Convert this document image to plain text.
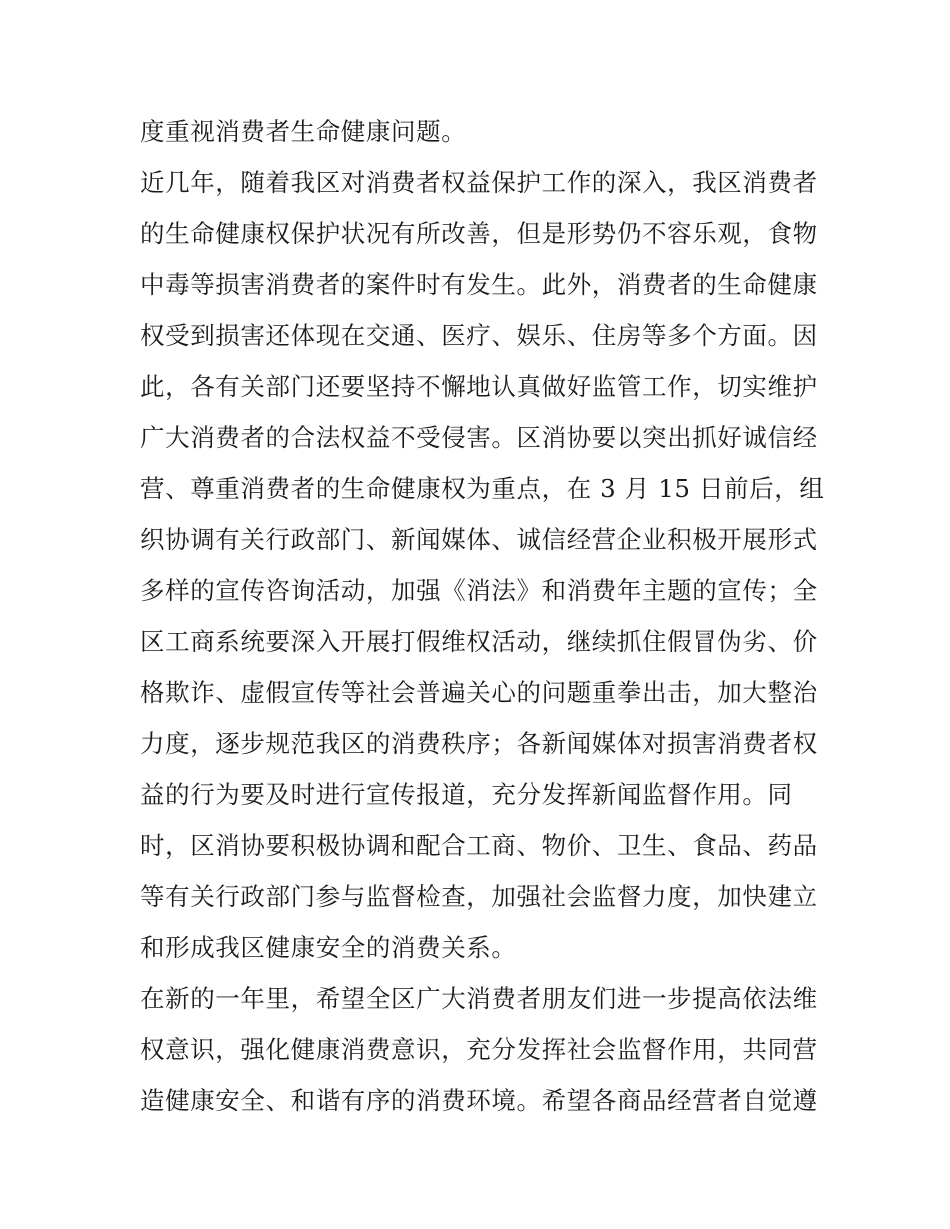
度重视消费者生命健康问题。
近几年，随着我区对消费者权益保护工作的深入，我区消费者
的生命健康权保护状况有所改善，但是形势仍不容乐观，食物
中毒等损害消费者的案件时有发生。此外，消费者的生命健康
权受到损害还体现在交通、医疗、娱乐、住房等多个方面。因
此，各有关部门还要坚持不懈地认真做好监管工作，切实维护
广大消费者的合法权益不受侵害。区消协要以突出抓好诚信经
营、尊重消费者的生命健康权为重点，在 3 月 15 日前后，组
织协调有关行政部门、新闻媒体、诚信经营企业积极开展形式
多样的宣传咨询活动，加强《消法》和消费年主题的宣传；全
区工商系统要深入开展打假维权活动，继续抓住假冒伪劣、价
格欺诈、虚假宣传等社会普遍关心的问题重拳出击，加大整治
力度，逐步规范我区的消费秩序；各新闻媒体对损害消费者权
益的行为要及时进行宣传报道，充分发挥新闻监督作用。同
时，区消协要积极协调和配合工商、物价、卫生、食品、药品
等有关行政部门参与监督检查，加强社会监督力度，加快建立
和形成我区健康安全的消费关系。
在新的一年里，希望全区广大消费者朋友们进一步提高依法维
权意识，强化健康消费意识，充分发挥社会监督作用，共同营
造健康安全、和谐有序的消费环境。希望各商品经营者自觉遵
